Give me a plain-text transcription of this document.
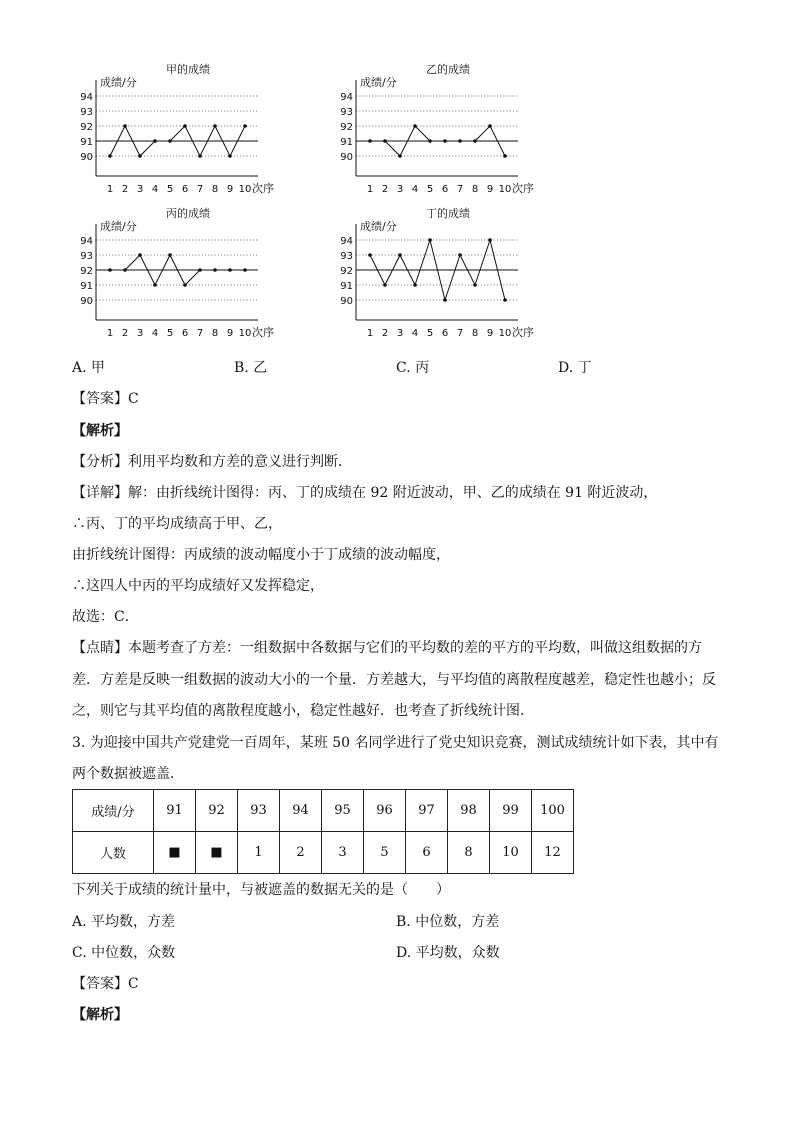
甲的成绩
成绩/分
90
91
92
93
94
1 2 3 4 5 6 7 8 9 10 次序
乙的成绩
成绩/分
90
91
92
93
94
1 2 3 4 5 6 7 8 9 10 次序
丙的成绩
成绩/分
90
91
92
93
94
1 2 3 4 5 6 7 8 9 10 次序
丁的成绩
成绩/分
90
91
92
93
94
1 2 3 4 5 6 7 8 9 10 次序
A. 甲	B. 乙	C. 丙	D. 丁
【答案】C
【解析】
【分析】利用平均数和方差的意义进行判断．
【详解】解：由折线统计图得：丙、丁的成绩在 92 附近波动，甲、乙的成绩在 91 附近波动，
∴丙、丁的平均成绩高于甲、乙，
由折线统计图得：丙成绩的波动幅度小于丁成绩的波动幅度，
∴这四人中丙的平均成绩好又发挥稳定，
故选：C．
【点睛】本题考查了方差：一组数据中各数据与它们的平均数的差的平方的平均数，叫做这组数据的方
差．方差是反映一组数据的波动大小的一个量．方差越大，与平均值的离散程度越差，稳定性也越小；反
之，则它与其平均值的离散程度越小，稳定性越好．也考查了折线统计图．
3. 为迎接中国共产党建党一百周年，某班 50 名同学进行了党史知识竞赛，测试成绩统计如下表，其中有
两个数据被遮盖．
成绩/分	91	92	93	94	95	96	97	98	99	100
人数	■	■	1	2	3	5	6	8	10	12
下列关于成绩的统计量中，与被遮盖的数据无关的是（　　）
A. 平均数，方差	B. 中位数，方差
C. 中位数，众数	D. 平均数，众数
【答案】C
【解析】
